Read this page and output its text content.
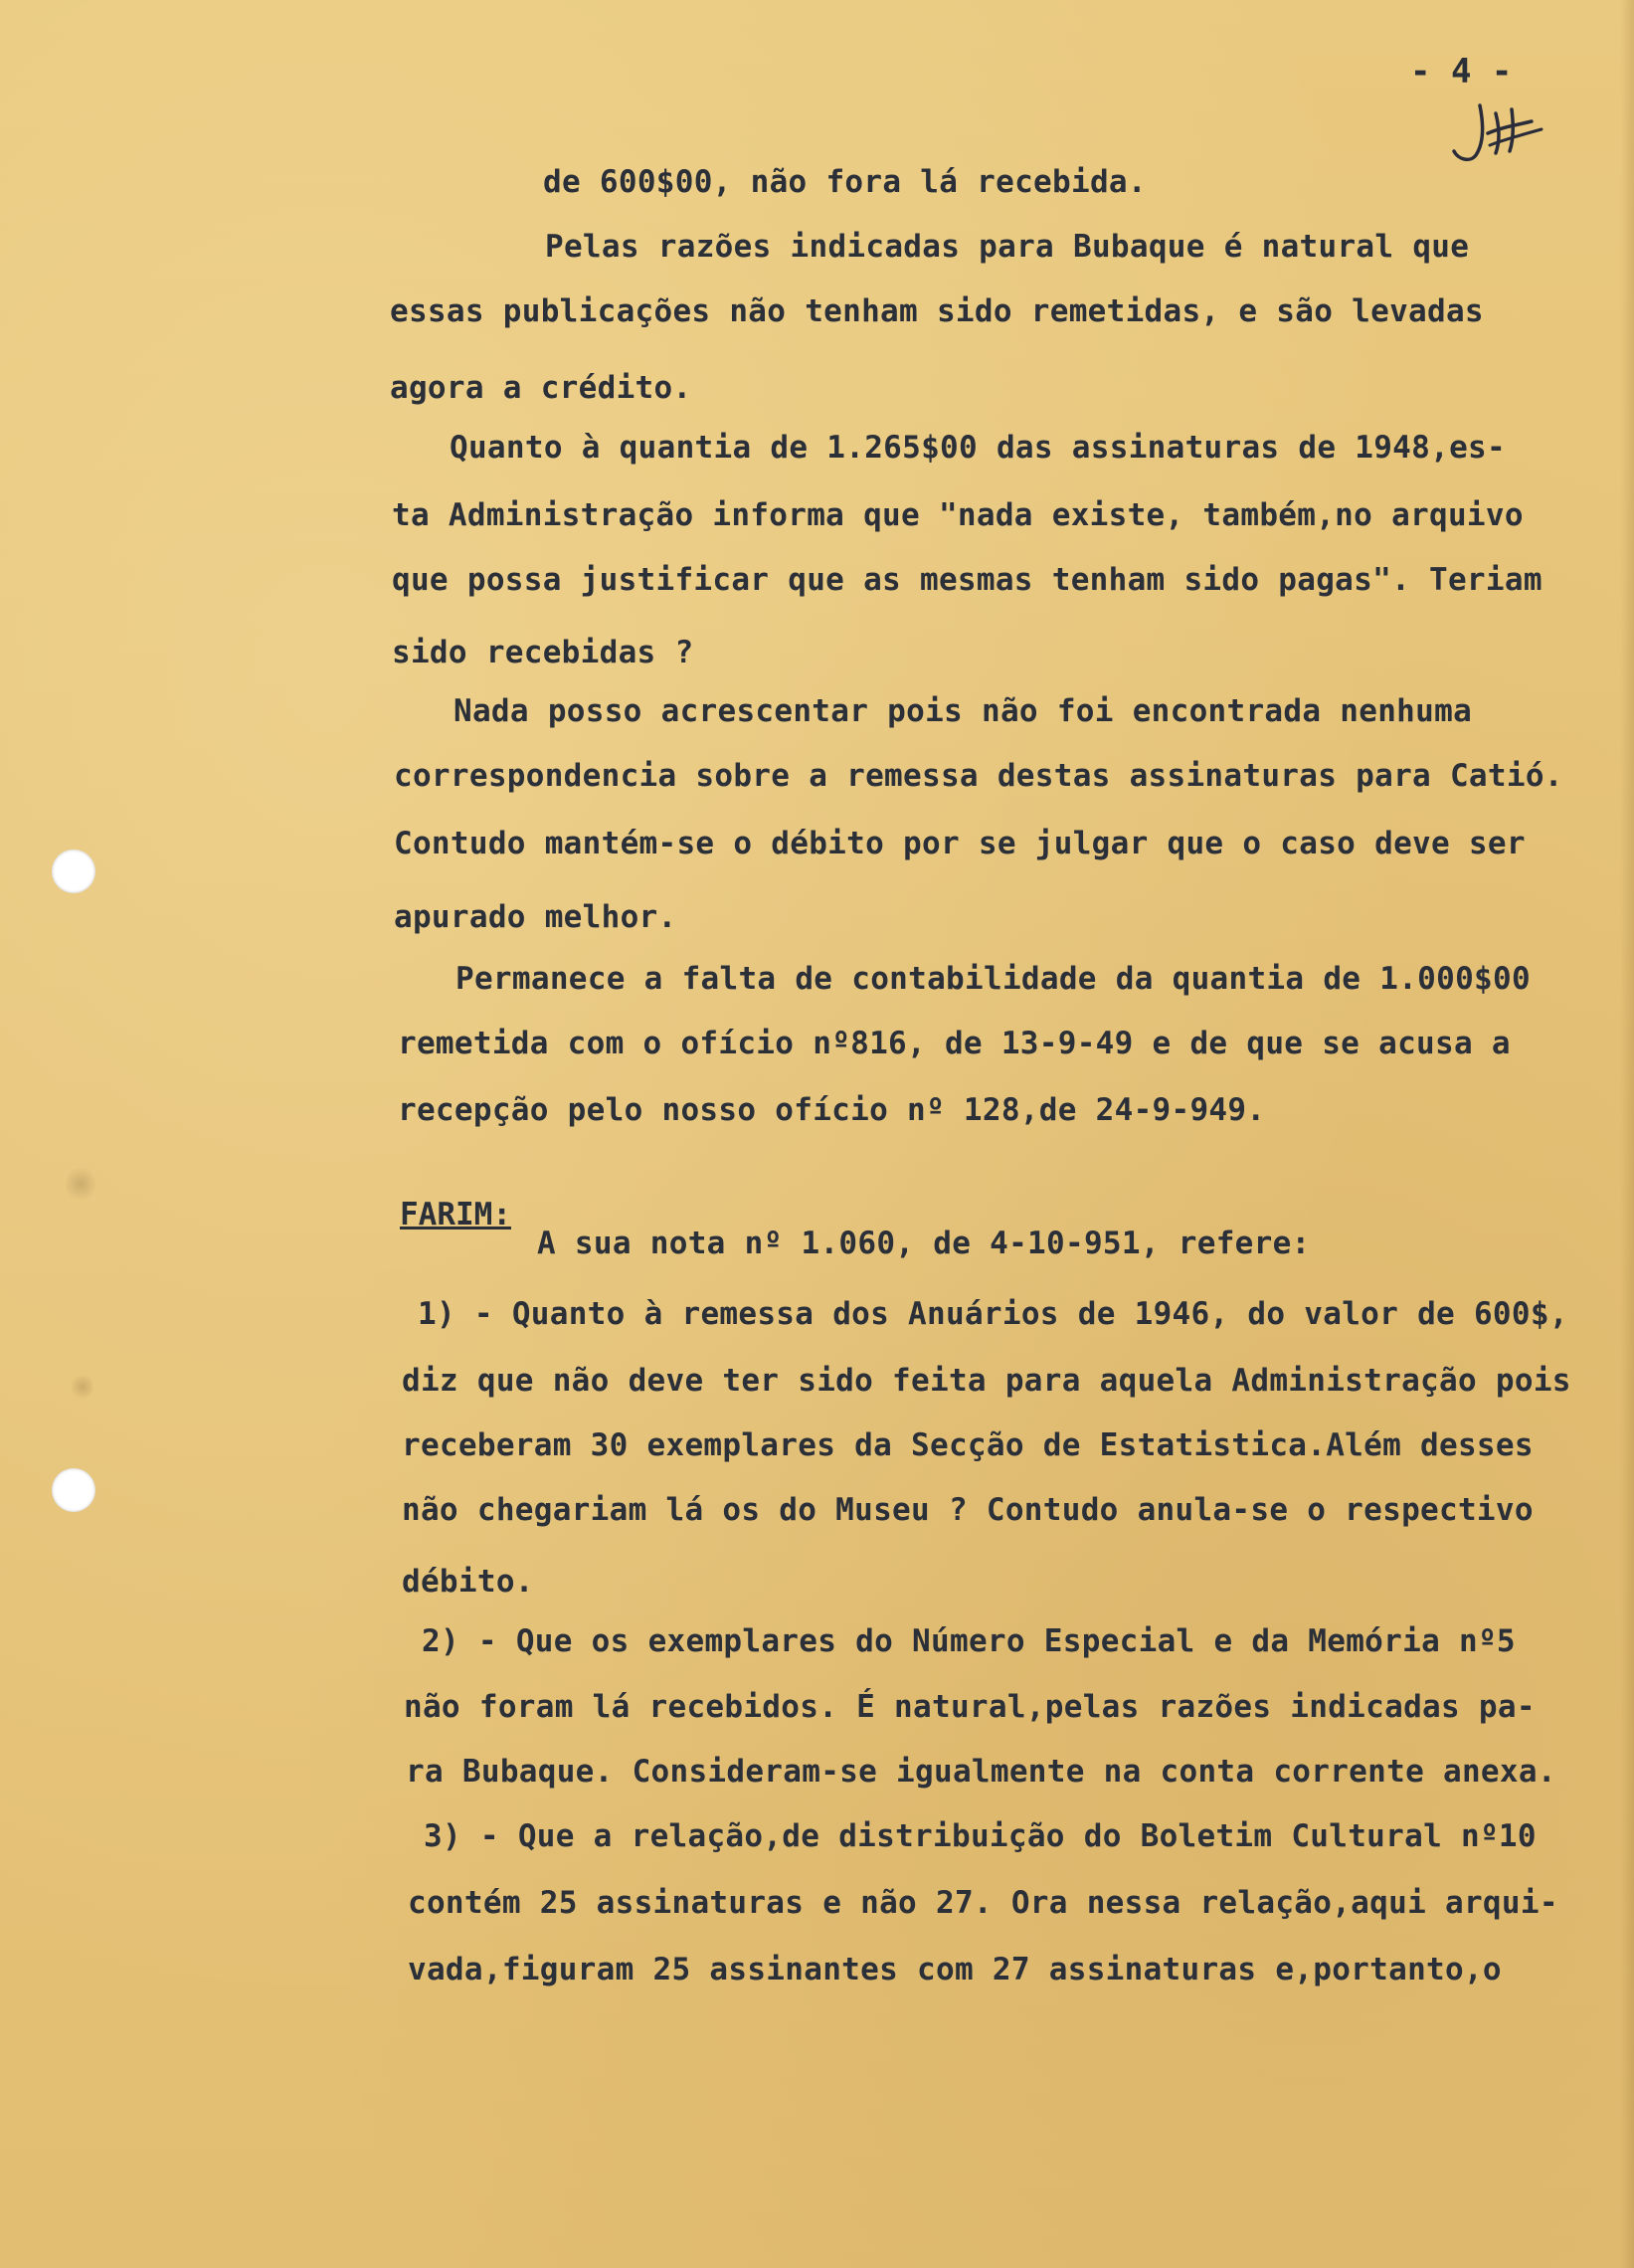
- 4 -
de 600$00, não fora lá recebida.
Pelas razões indicadas para Bubaque é natural que
essas publicações não tenham sido remetidas, e são levadas
agora a crédito.
Quanto à quantia de 1.265$00 das assinaturas de 1948,es-
ta Administração informa que "nada existe, também,no arquivo
que possa justificar que as mesmas tenham sido pagas". Teriam
sido recebidas ?
Nada posso acrescentar pois não foi encontrada nenhuma
correspondencia sobre a remessa destas assinaturas para Catió.
Contudo mantém-se o débito por se julgar que o caso deve ser
apurado melhor.
Permanece a falta de contabilidade da quantia de 1.000$00
remetida com o ofício nº816, de 13-9-49 e de que se acusa a
recepção pelo nosso ofício nº 128,de 24-9-949.
FARIM:
A sua nota nº 1.060, de 4-10-951, refere:
1) - Quanto à remessa dos Anuários de 1946, do valor de 600$,
diz que não deve ter sido feita para aquela Administração pois
receberam 30 exemplares da Secção de Estatistica.Além desses
não chegariam lá os do Museu ? Contudo anula-se o respectivo
débito.
2) - Que os exemplares do Número Especial e da Memória nº5
não foram lá recebidos. É natural,pelas razões indicadas pa-
ra Bubaque. Consideram-se igualmente na conta corrente anexa.
3) - Que a relação,de distribuição do Boletim Cultural nº10
contém 25 assinaturas e não 27. Ora nessa relação,aqui arqui-
vada,figuram 25 assinantes com 27 assinaturas e,portanto,o
